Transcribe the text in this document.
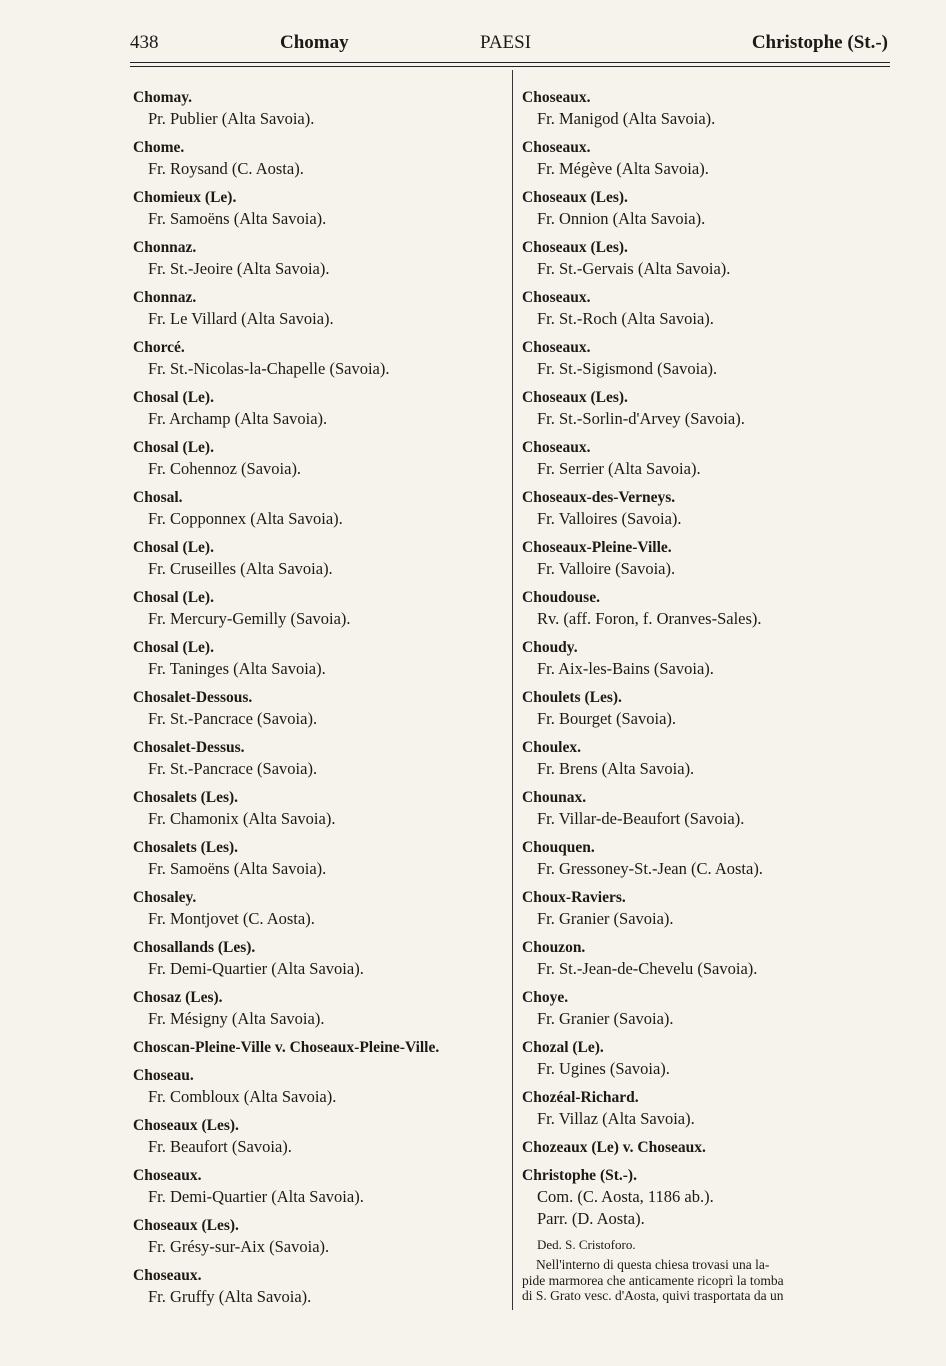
438	Chomay	PAESI	Christophe (St.-)
Chomay.
Pr. Publier (Alta Savoia).
Chome.
Fr. Roysand (C. Aosta).
Chomieux (Le).
Fr. Samoëns (Alta Savoia).
Chonnaz.
Fr. St.-Jeoire (Alta Savoia).
Chonnaz.
Fr. Le Villard (Alta Savoia).
Chorcé.
Fr. St.-Nicolas-la-Chapelle (Savoia).
Chosal (Le).
Fr. Archamp (Alta Savoia).
Chosal (Le).
Fr. Cohennoz (Savoia).
Chosal.
Fr. Copponnex (Alta Savoia).
Chosal (Le).
Fr. Cruseilles (Alta Savoia).
Chosal (Le).
Fr. Mercury-Gemilly (Savoia).
Chosal (Le).
Fr. Taninges (Alta Savoia).
Chosalet-Dessous.
Fr. St.-Pancrace (Savoia).
Chosalet-Dessus.
Fr. St.-Pancrace (Savoia).
Chosalets (Les).
Fr. Chamonix (Alta Savoia).
Chosalets (Les).
Fr. Samoëns (Alta Savoia).
Chosaley.
Fr. Montjovet (C. Aosta).
Chosallands (Les).
Fr. Demi-Quartier (Alta Savoia).
Chosaz (Les).
Fr. Mésigny (Alta Savoia).
Choscan-Pleine-Ville v. Choseaux-Pleine-Ville.
Choseau.
Fr. Combloux (Alta Savoia).
Choseaux (Les).
Fr. Beaufort (Savoia).
Choseaux.
Fr. Demi-Quartier (Alta Savoia).
Choseaux (Les).
Fr. Grésy-sur-Aix (Savoia).
Choseaux.
Fr. Gruffy (Alta Savoia).
Choseaux.
Fr. Manigod (Alta Savoia).
Choseaux.
Fr. Mégève (Alta Savoia).
Choseaux (Les).
Fr. Onnion (Alta Savoia).
Choseaux (Les).
Fr. St.-Gervais (Alta Savoia).
Choseaux.
Fr. St.-Roch (Alta Savoia).
Choseaux.
Fr. St.-Sigismond (Savoia).
Choseaux (Les).
Fr. St.-Sorlin-d'Arvey (Savoia).
Choseaux.
Fr. Serrier (Alta Savoia).
Choseaux-des-Verneys.
Fr. Valloires (Savoia).
Choseaux-Pleine-Ville.
Fr. Valloire (Savoia).
Choudouse.
Rv. (aff. Foron, f. Oranves-Sales).
Choudy.
Fr. Aix-les-Bains (Savoia).
Choulets (Les).
Fr. Bourget (Savoia).
Choulex.
Fr. Brens (Alta Savoia).
Chounax.
Fr. Villar-de-Beaufort (Savoia).
Chouquen.
Fr. Gressoney-St.-Jean (C. Aosta).
Choux-Raviers.
Fr. Granier (Savoia).
Chouzon.
Fr. St.-Jean-de-Chevelu (Savoia).
Choye.
Fr. Granier (Savoia).
Chozal (Le).
Fr. Ugines (Savoia).
Chozéal-Richard.
Fr. Villaz (Alta Savoia).
Chozeaux (Le) v. Choseaux.
Christophe (St.-).
Com. (C. Aosta, 1186 ab.).
Parr. (D. Aosta).
Ded. S. Cristoforo.

Nell'interno di questa chiesa trovasi una la-

pide marmorea che anticamente ricoprì la tomba
di S. Grato vesc. d'Aosta, quivi trasportata da un
